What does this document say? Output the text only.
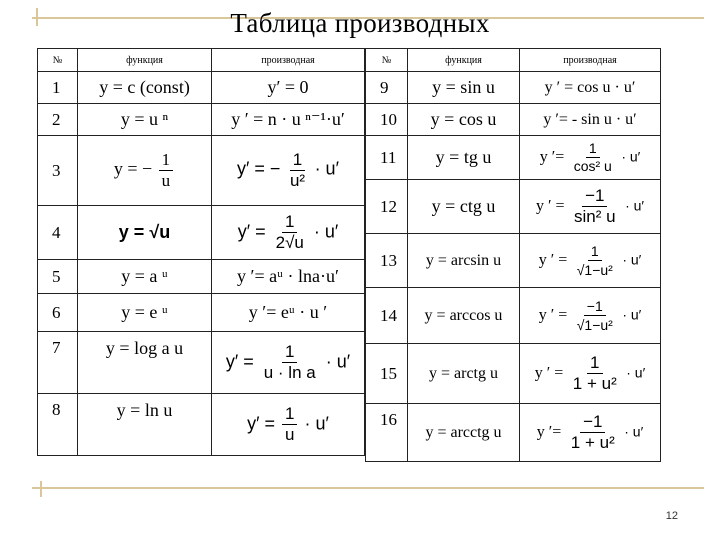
Таблица производных
№	функция	производная
1	y = c (const)	y′ = 0
2	y = u ⁿ	y ′ = n · u ⁿ⁻¹·u′
3	y = − $\frac{1}{u}$	y′ = − $\frac{1}{\text{u²}} \cdot u'$
4	y = √u	$y' = \frac{1}{2√u} \cdot u'$
5	y = a ᵘ	y ′= aᵘ · lna·u′
6	y = e ᵘ	y ′= eᵘ · u ′
7	y = log a u	$y' = \frac{1}{\text{u · ln a}} \cdot u'$
8	y = ln u	$y' = \frac{1}{u} \cdot u'$
№	функция	производная
9	y = sin u	y ′ = cos u · u′
10	y = cos u	y ′= - sin u · u′
11	y = tg u	y ′= $\frac{1}{\text{cos² u}} \cdot u'$
12	y = ctg u	y ′ = $\frac{-1}{\text{sin² u}} \cdot u'$
13	y = arcsin u	y ′ = $\frac{1}{\text{√1−u²}} \cdot u'$
14	y = arccos u	y ′ = $\frac{-1}{\text{√1−u²}} \cdot u'$
15	y = arctg u	y ′ = $\frac{1}{\text{1 + u²}} \cdot u'$
16	y = arcctg u	y ′= $\frac{-1}{\text{1 + u²}} \cdot u'$
12
